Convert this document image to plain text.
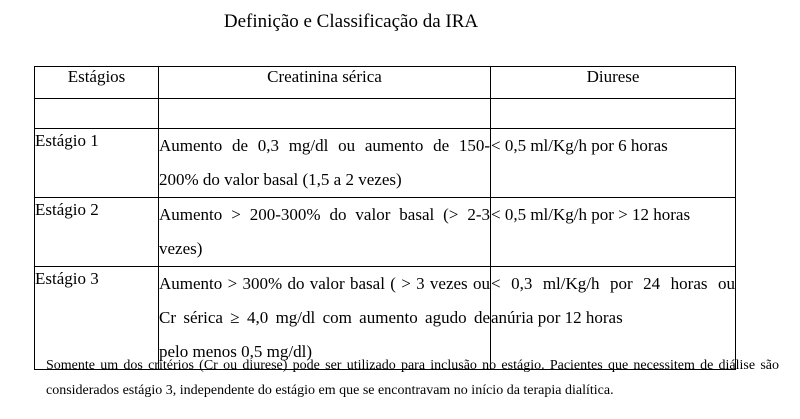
Definição e Classificação da IRA
Estágios	Creatinina sérica	Diurese

Estágio 1	Aumento de 0,3 mg/dl ou aumento de 150-200% do valor basal (1,5 a 2 vezes)	< 0,5 ml/Kg/h por 6 horas

Estágio 2	Aumento > 200-300% do valor basal (> 2-3 vezes)	< 0,5 ml/Kg/h por > 12 horas

Estágio 3	Aumento > 300% do valor basal ( > 3 vezes ou Cr sérica ≥ 4,0 mg/dl com aumento agudo de pelo menos 0,5 mg/dl)	< 0,3 ml/Kg/h por 24 horas ou anúria por 12 horas
Somente um dos critérios (Cr ou diurese) pode ser utilizado para inclusão no estágio. Pacientes que necessitem de diálise são considerados estágio 3, independente do estágio em que se encontravam no início da terapia dialítica.
